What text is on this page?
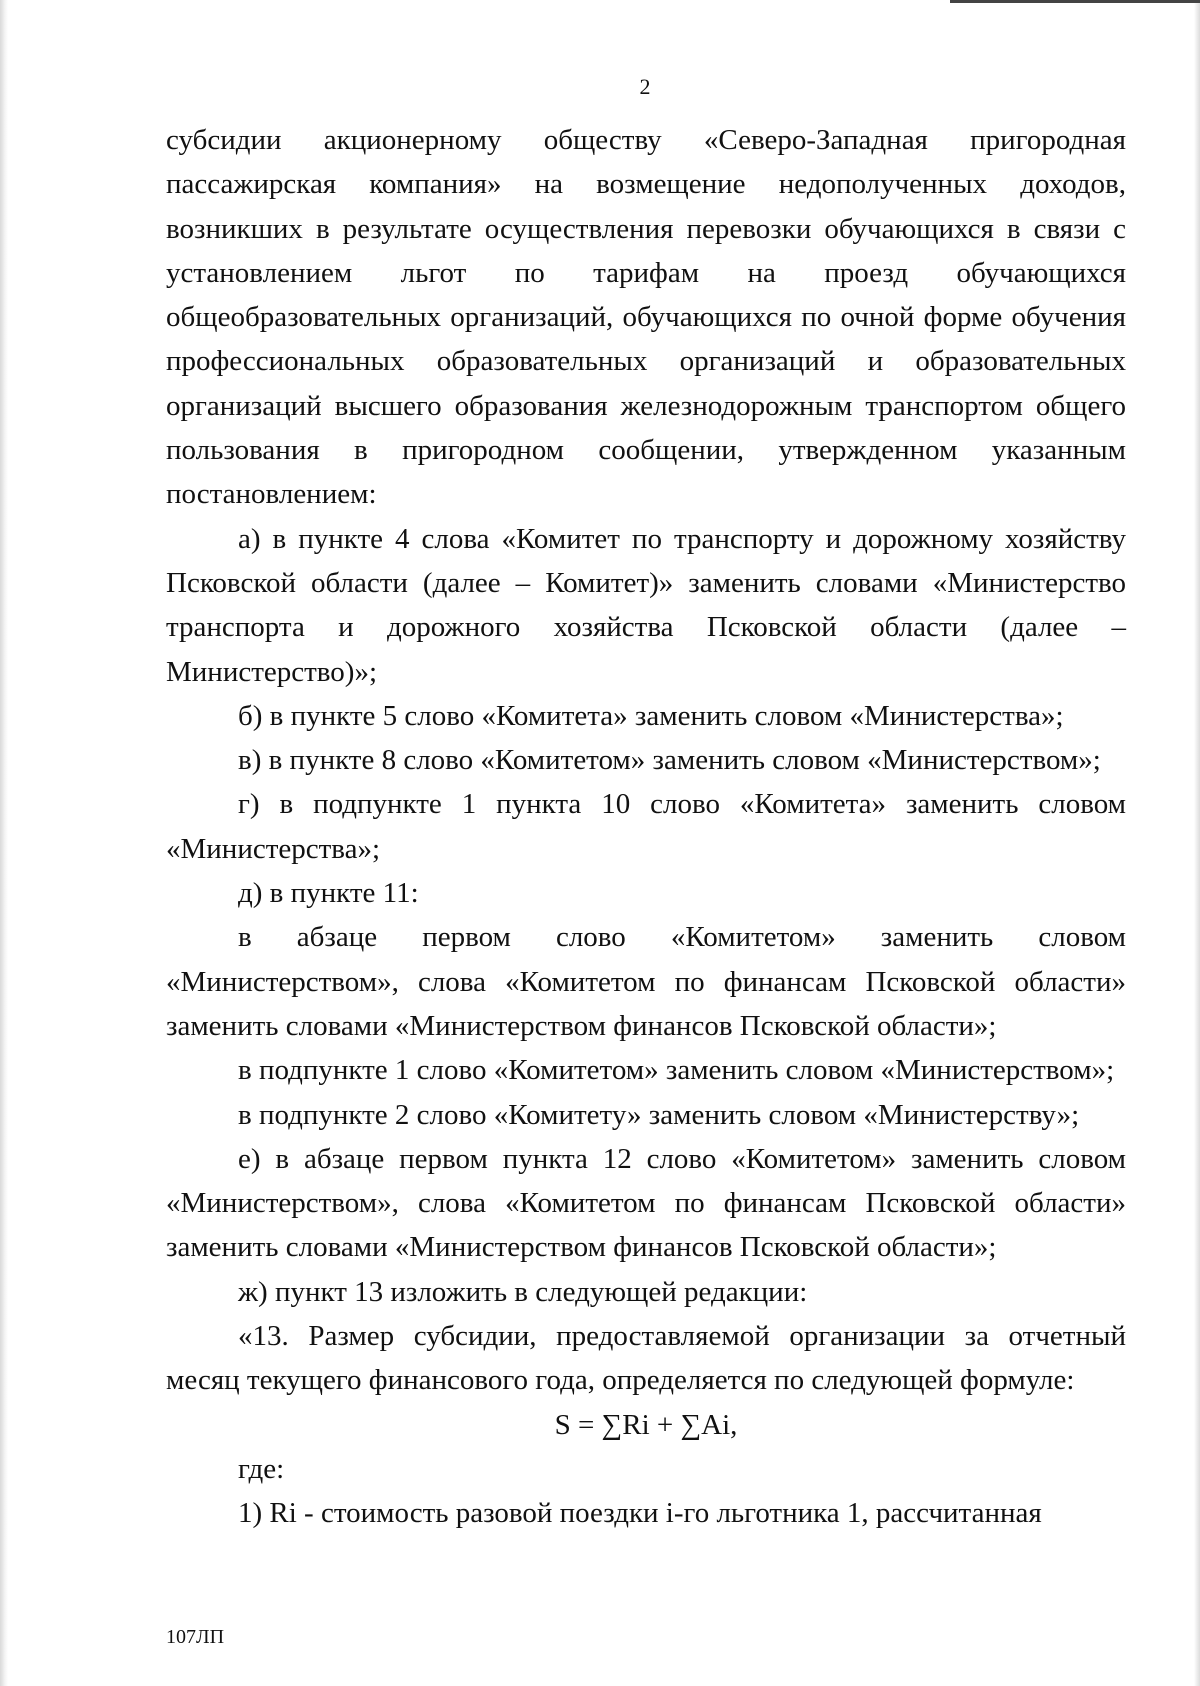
2

субсидии акционерному обществу «Северо-Западная пригородная пассажирская компания» на возмещение недополученных доходов, возникших в результате осуществления перевозки обучающихся в связи с установлением льгот по тарифам на проезд обучающихся общеобразовательных организаций, обучающихся по очной форме обучения профессиональных образовательных организаций и образовательных организаций высшего образования железнодорожным транспортом общего пользования в пригородном сообщении, утвержденном указанным постановлением:

а) в пункте 4 слова «Комитет по транспорту и дорожному хозяйству Псковской области (далее – Комитет)» заменить словами «Министерство транспорта и дорожного хозяйства Псковской области (далее – Министерство)»;

б) в пункте 5 слово «Комитета» заменить словом «Министерства»;

в) в пункте 8 слово «Комитетом» заменить словом «Министерством»;

г) в подпункте 1 пункта 10 слово «Комитета» заменить словом «Министерства»;

д) в пункте 11:

в абзаце первом слово «Комитетом» заменить словом «Министерством», слова «Комитетом по финансам Псковской области» заменить словами «Министерством финансов Псковской области»;

в подпункте 1 слово «Комитетом» заменить словом «Министерством»;

в подпункте 2 слово «Комитету» заменить словом «Министерству»;

е) в абзаце первом пункта 12 слово «Комитетом» заменить словом «Министерством», слова «Комитетом по финансам Псковской области» заменить словами «Министерством финансов Псковской области»;

ж) пункт 13 изложить в следующей редакции:

«13. Размер субсидии, предоставляемой организации за отчетный месяц текущего финансового года, определяется по следующей формуле:

S = ∑Ri + ∑Ai,

где:

1) Ri - стоимость разовой поездки i-го льготника 1, рассчитанная

107ЛП
